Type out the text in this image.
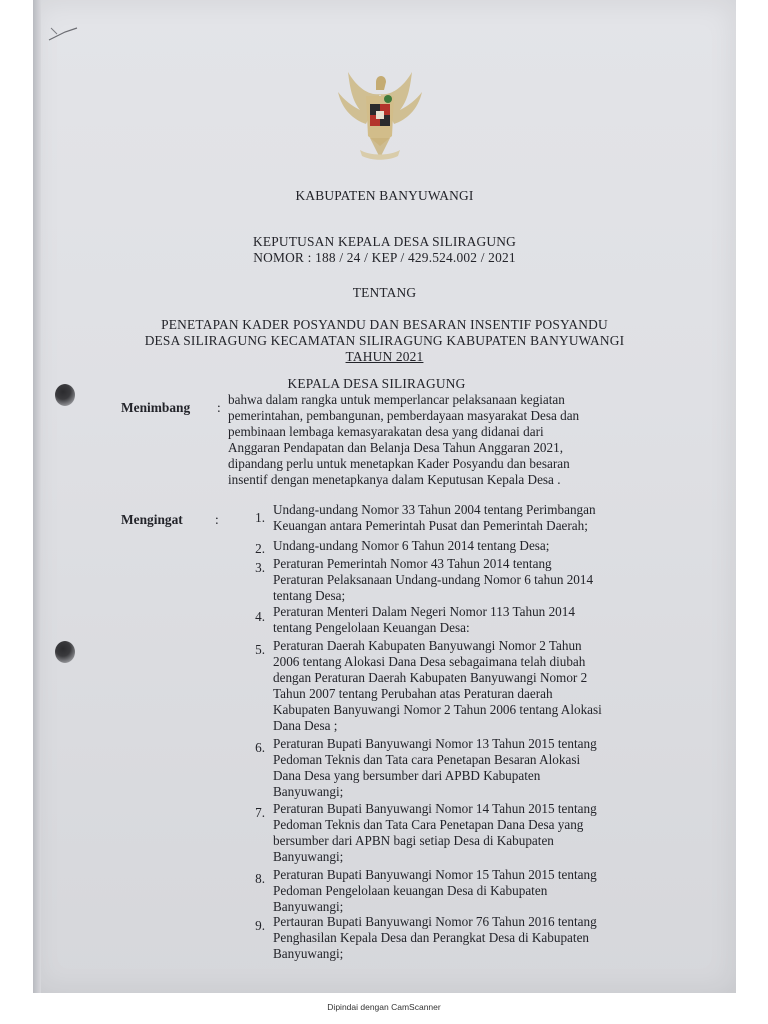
KABUPATEN BANYUWANGI
KEPUTUSAN KEPALA DESA SILIRAGUNG
NOMOR : 188 / 24 / KEP / 429.524.002 / 2021
TENTANG
PENETAPAN KADER POSYANDU DAN BESARAN INSENTIF POSYANDU
DESA SILIRAGUNG KECAMATAN SILIRAGUNG KABUPATEN BANYUWANGI
TAHUN 2021
KEPALA DESA SILIRAGUNG
Menimbang :
bahwa dalam rangka untuk memperlancar pelaksanaan kegiatan
pemerintahan, pembangunan, pemberdayaan masyarakat Desa dan
pembinaan lembaga kemasyarakatan desa yang didanai dari
Anggaran Pendapatan dan Belanja Desa Tahun Anggaran 2021,
dipandang perlu untuk menetapkan Kader Posyandu dan besaran
insentif dengan menetapkanya dalam Keputusan Kepala Desa .
Mengingat :	1.
Undang-undang Nomor 33 Tahun 2004 tentang Perimbangan
Keuangan antara Pemerintah Pusat dan Pemerintah Daerah;
2. Undang-undang Nomor 6 Tahun 2014 tentang Desa;
3. Peraturan Pemerintah Nomor 43 Tahun 2014 tentang
Peraturan Pelaksanaan Undang-undang Nomor 6 tahun 2014
tentang Desa;
4. Peraturan Menteri Dalam Negeri Nomor 113 Tahun 2014
tentang Pengelolaan Keuangan Desa:
5. Peraturan Daerah Kabupaten Banyuwangi Nomor 2 Tahun
2006 tentang Alokasi Dana Desa sebagaimana telah diubah
dengan Peraturan Daerah Kabupaten Banyuwangi Nomor 2
Tahun 2007 tentang Perubahan atas Peraturan daerah
Kabupaten Banyuwangi Nomor 2 Tahun 2006 tentang Alokasi
Dana Desa ;
6. Peraturan Bupati Banyuwangi Nomor 13 Tahun 2015 tentang
Pedoman Teknis dan Tata cara Penetapan Besaran Alokasi
Dana Desa yang bersumber dari APBD Kabupaten
Banyuwangi;
7. Peraturan Bupati Banyuwangi Nomor 14 Tahun 2015 tentang
Pedoman Teknis dan Tata Cara Penetapan Dana Desa yang
bersumber dari APBN bagi setiap Desa di Kabupaten
Banyuwangi;
8. Peraturan Bupati Banyuwangi Nomor 15 Tahun 2015 tentang
Pedoman Pengelolaan keuangan Desa di Kabupaten
Banyuwangi;
9. Pertauran Bupati Banyuwangi Nomor 76 Tahun 2016 tentang
Penghasilan Kepala Desa dan Perangkat Desa di Kabupaten
Banyuwangi;
Dipindai dengan CamScanner
